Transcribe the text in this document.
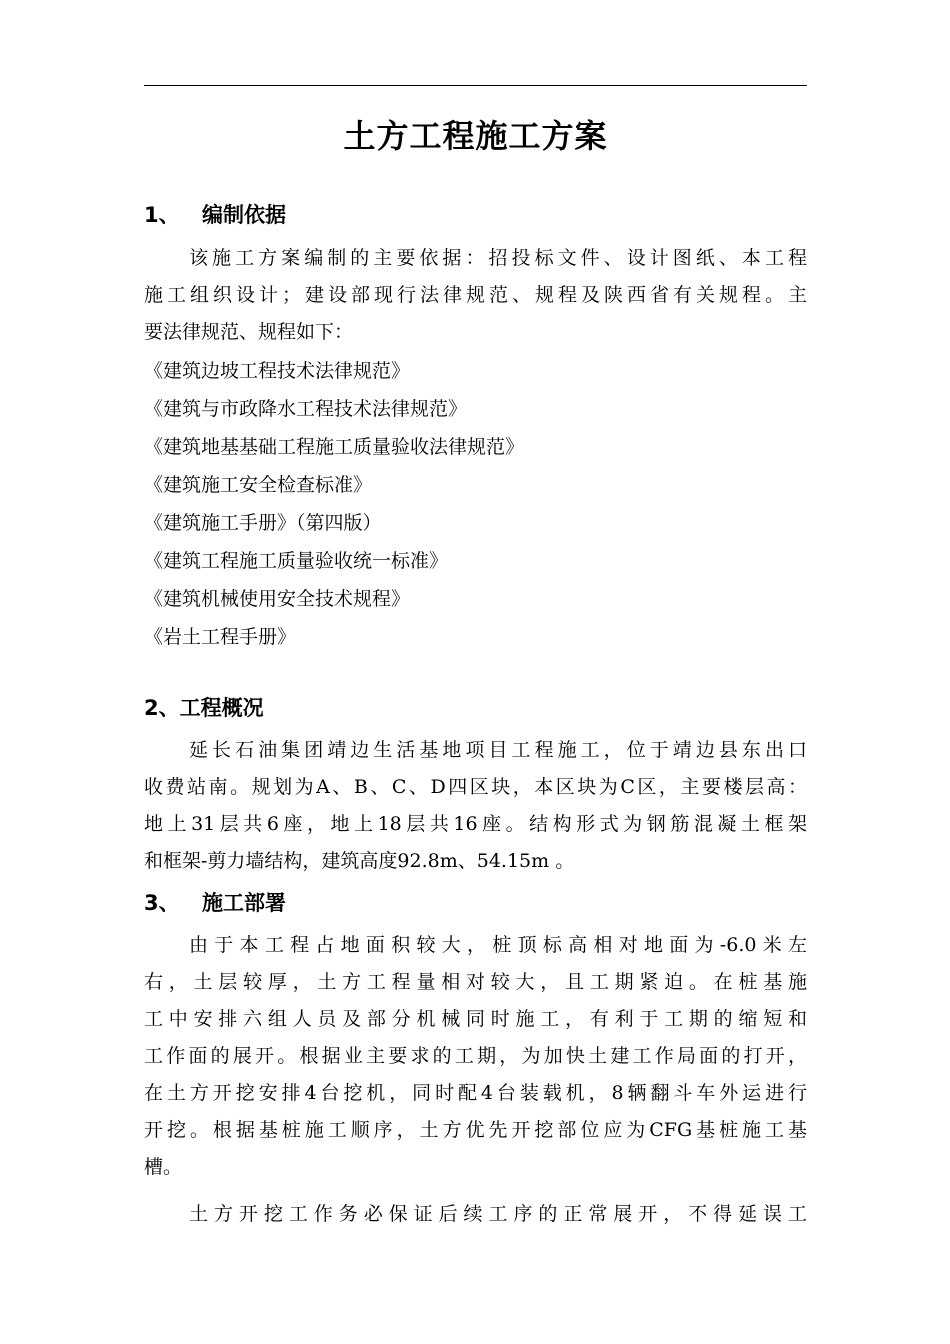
土方工程施工方案
1、 编制依据
该施工方案编制的主要依据：招投标文件、设计图纸、本工程
施工组织设计；建设部现行法律规范、规程及陕西省有关规程。主
要法律规范、规程如下：
《建筑边坡工程技术法律规范》
《建筑与市政降水工程技术法律规范》
《建筑地基基础工程施工质量验收法律规范》
《建筑施工安全检查标准》
《建筑施工手册》（第四版）
《建筑工程施工质量验收统一标准》
《建筑机械使用安全技术规程》
《岩土工程手册》
2、工程概况
延长石油集团靖边生活基地项目工程施工，位于靖边县东出口
收费站南。规划为A、B、C、D四区块，本区块为C区，主要楼层高：
地上31层共6座，地上18层共16座。结构形式为钢筋混凝土框架
和框架-剪力墙结构，建筑高度92.8m、54.15m 。
3、 施工部署
由于本工程占地面积较大，桩顶标高相对地面为-6.0米左
右，土层较厚，土方工程量相对较大，且工期紧迫。在桩基施
工中安排六组人员及部分机械同时施工，有利于工期的缩短和
工作面的展开。根据业主要求的工期，为加快土建工作局面的打开，
在土方开挖安排4台挖机，同时配4台装载机，8辆翻斗车外运进行
开挖。根据基桩施工顺序，土方优先开挖部位应为CFG基桩施工基
槽。
土方开挖工作务必保证后续工序的正常展开，不得延误工
